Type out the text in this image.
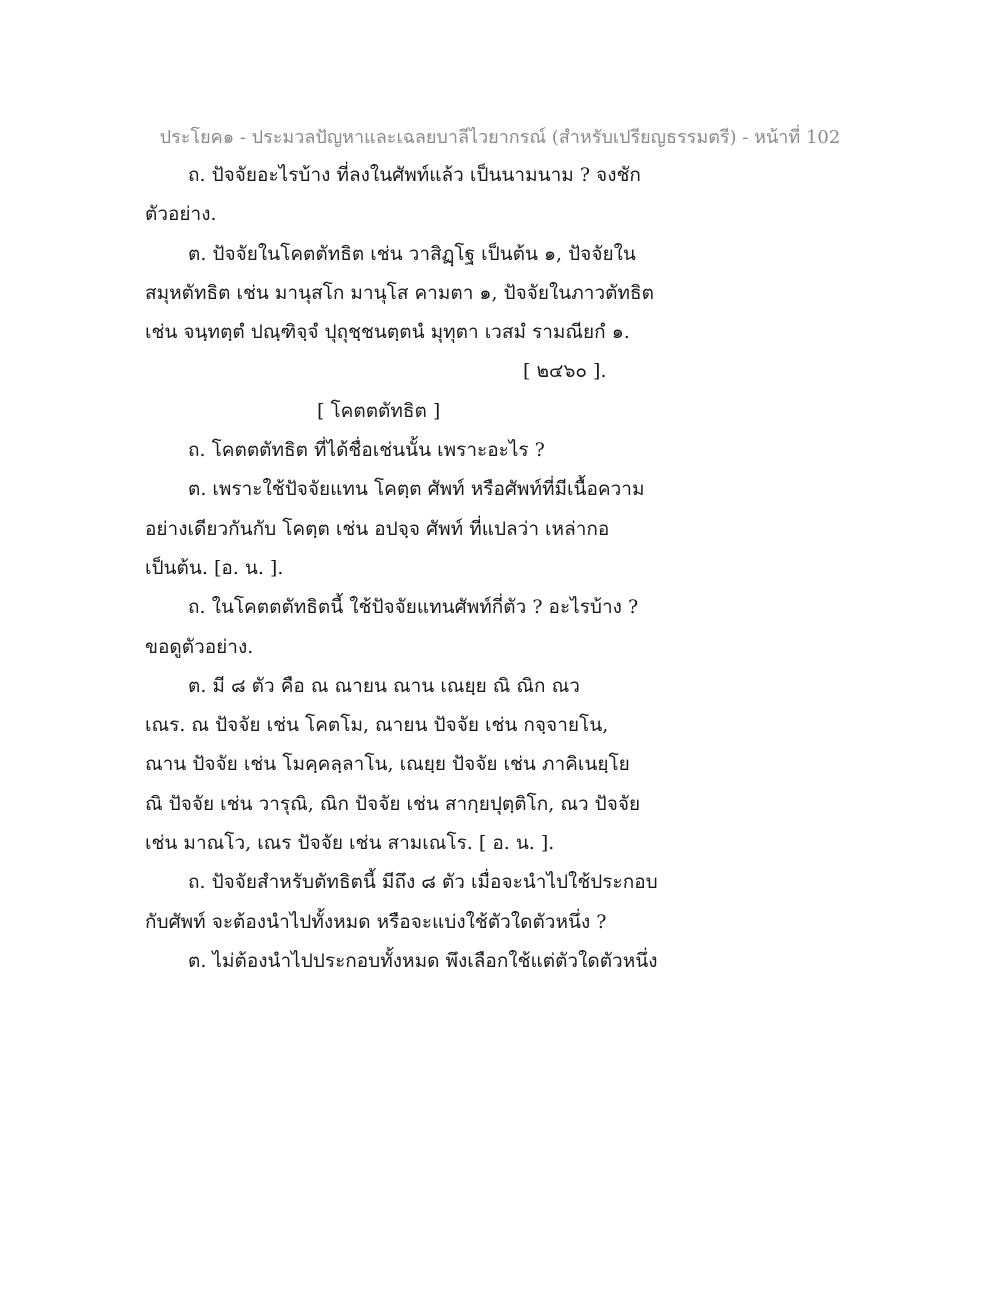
ประโยค๑ - ประมวลปัญหาและเฉลยบาลีไวยากรณ์ (สำหรับเปรียญธรรมตรี) - หน้าที่ 102
ถ. ปัจจัยอะไรบ้าง ที่ลงในศัพท์แล้ว เป็นนามนาม ? จงชัก
ตัวอย่าง.
ต. ปัจจัยในโคตตัทธิต เช่น วาสิฏฺโฐ เป็นต้น ๑, ปัจจัยใน
สมุหตัทธิต เช่น มานุสโก มานุโส คามตา ๑, ปัจจัยในภาวตัทธิต
เช่น จนฺทตฺตํ ปณฺฑิจฺจํ ปุถุชฺชนตฺตนํ มุทุตา เวสมํ รามณียกํ ๑.
[ ๒๔๖๐ ].
[ โคตตตัทธิต ]
ถ. โคตตตัทธิต ที่ได้ชื่อเช่นนั้น เพราะอะไร ?
ต. เพราะใช้ปัจจัยแทน โคตฺต ศัพท์ หรือศัพท์ที่มีเนื้อความ
อย่างเดียวกันกับ โคตฺต เช่น อปจฺจ ศัพท์ ที่แปลว่า เหล่ากอ
เป็นต้น. [อ. น. ].
ถ. ในโคตตตัทธิตนี้ ใช้ปัจจัยแทนศัพท์กี่ตัว ? อะไรบ้าง ?
ขอดูตัวอย่าง.
ต. มี ๘ ตัว คือ ณ ณายน ณาน เณยฺย ณิ ณิก ณว
เณร. ณ ปัจจัย เช่น โคตโม, ณายน ปัจจัย เช่น กจฺจายโน,
ณาน ปัจจัย เช่น โมคฺคลฺลาโน, เณยฺย ปัจจัย เช่น ภาคิเนยฺโย
ณิ ปัจจัย เช่น วารุณิ, ณิก ปัจจัย เช่น สากฺยปุตฺติโก, ณว ปัจจัย
เช่น มาณโว, เณร ปัจจัย เช่น สามเณโร. [ อ. น. ].
ถ. ปัจจัยสำหรับตัทธิตนี้ มีถึง ๘ ตัว เมื่อจะนำไปใช้ประกอบ
กับศัพท์ จะต้องนำไปทั้งหมด หรือจะแบ่งใช้ตัวใดตัวหนึ่ง ?
ต. ไม่ต้องนำไปประกอบทั้งหมด พึงเลือกใช้แต่ตัวใดตัวหนึ่ง
